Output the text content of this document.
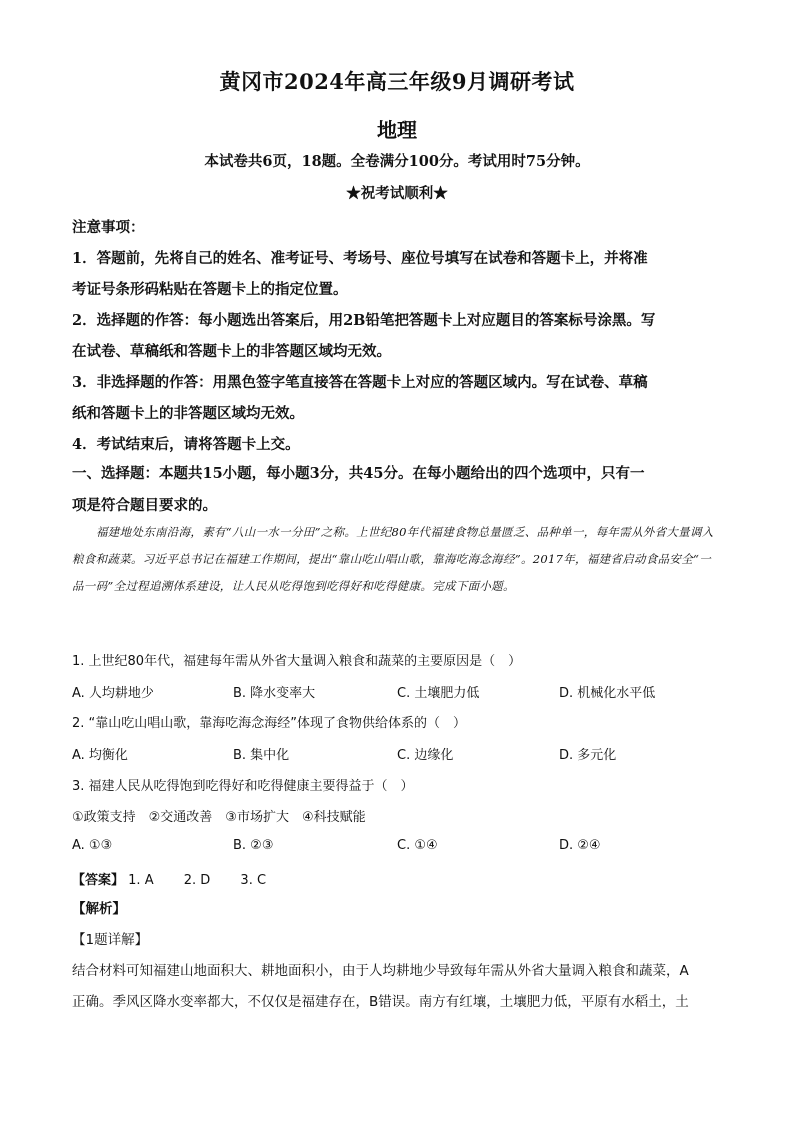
黄冈市2024年高三年级9月调研考试
地理
本试卷共6页，18题。全卷满分100分。考试用时75分钟。
★祝考试顺利★
注意事项：
1．答题前，先将自己的姓名、准考证号、考场号、座位号填写在试卷和答题卡上，并将准
考证号条形码粘贴在答题卡上的指定位置。
2．选择题的作答：每小题选出答案后，用2B铅笔把答题卡上对应题目的答案标号涂黑。写
在试卷、草稿纸和答题卡上的非答题区域均无效。
3．非选择题的作答：用黑色签字笔直接答在答题卡上对应的答题区域内。写在试卷、草稿
纸和答题卡上的非答题区域均无效。
4．考试结束后，请将答题卡上交。
一、选择题：本题共15小题，每小题3分，共45分。在每小题给出的四个选项中，只有一
项是符合题目要求的。
福建地处东南沿海，素有“八山一水一分田”之称。上世纪80年代福建食物总量匮乏、品种单一，每年需从外省大量调入粮食和蔬菜。习近平总书记在福建工作期间，提出“靠山吃山唱山歌，靠海吃海念海经”。2017年，福建省启动食品安全“一品一码”全过程追溯体系建设，让人民从吃得饱到吃得好和吃得健康。完成下面小题。
1. 上世纪80年代，福建每年需从外省大量调入粮食和蔬菜的主要原因是（　）
A. 人均耕地少	B. 降水变率大	C. 土壤肥力低	D. 机械化水平低
2. “靠山吃山唱山歌，靠海吃海念海经”体现了食物供给体系的（　）
A. 均衡化	B. 集中化	C. 边缘化	D. 多元化
3. 福建人民从吃得饱到吃得好和吃得健康主要得益于（　）
①政策支持　②交通改善　③市场扩大　④科技赋能
A. ①③	B. ②③	C. ①④	D. ②④
【答案】 1. A 2. D 3. C
【解析】
【1题详解】
结合材料可知福建山地面积大、耕地面积小，由于人均耕地少导致每年需从外省大量调入粮食和蔬菜，A
正确。季风区降水变率都大，不仅仅是福建存在，B错误。南方有红壤，土壤肥力低，平原有水稻土，土
